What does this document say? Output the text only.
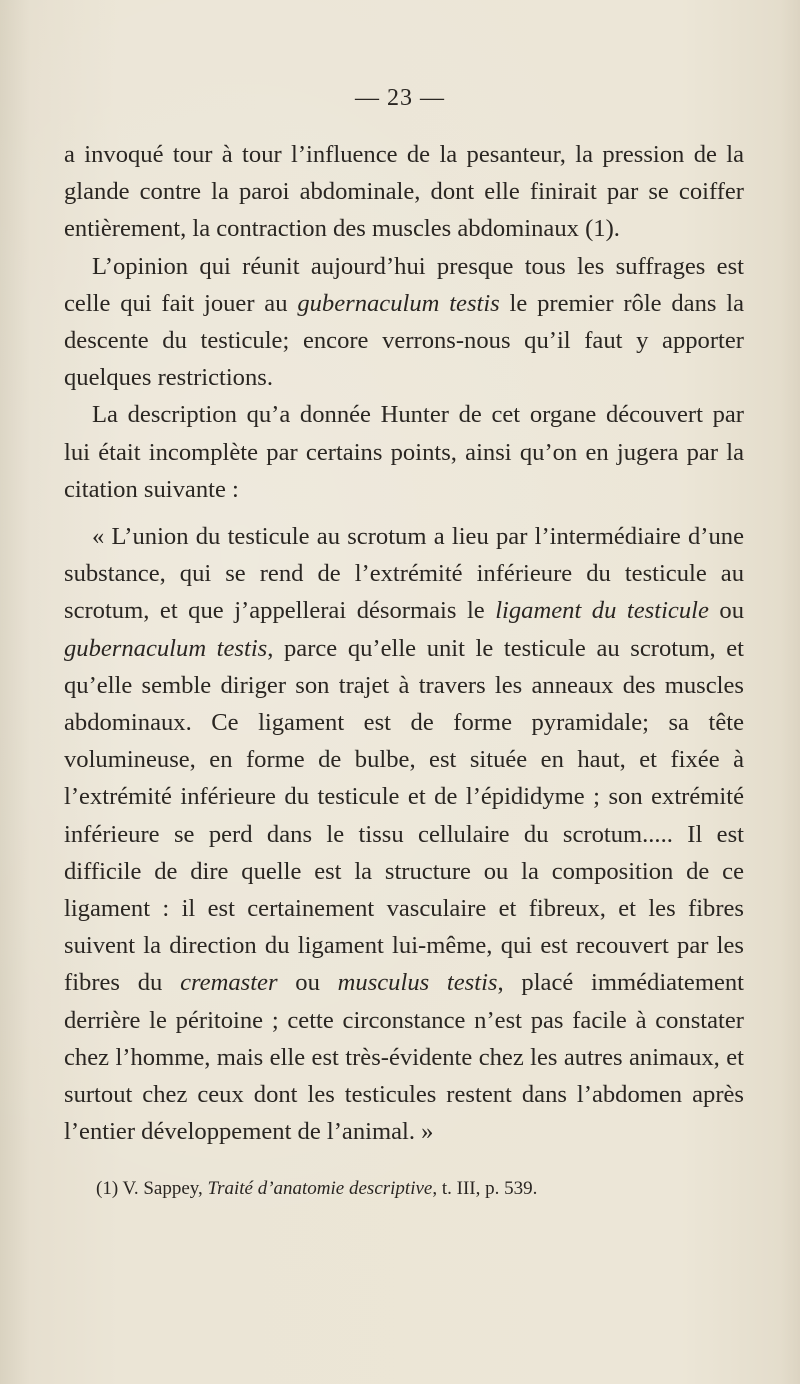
— 23 —

a invoqué tour à tour l’influence de la pesanteur, la pression de la glande contre la paroi abdominale, dont elle finirait par se coiffer entièrement, la contraction des muscles abdominaux (1).

L’opinion qui réunit aujourd’hui presque tous les suffrages est celle qui fait jouer au gubernaculum testis le premier rôle dans la descente du testicule; encore verrons-nous qu’il faut y apporter quelques restrictions.

La description qu’a donnée Hunter de cet organe découvert par lui était incomplète par certains points, ainsi qu’on en jugera par la citation suivante :

« L’union du testicule au scrotum a lieu par l’intermédiaire d’une substance, qui se rend de l’extrémité inférieure du testicule au scrotum, et que j’appellerai désormais le ligament du testicule ou gubernaculum testis, parce qu’elle unit le testicule au scrotum, et qu’elle semble diriger son trajet à travers les anneaux des muscles abdominaux. Ce ligament est de forme pyramidale; sa tête volumineuse, en forme de bulbe, est située en haut, et fixée à l’extrémité inférieure du testicule et de l’épididyme ; son extrémité inférieure se perd dans le tissu cellulaire du scrotum..... Il est difficile de dire quelle est la structure ou la composition de ce ligament : il est certainement vasculaire et fibreux, et les fibres suivent la direction du ligament lui-même, qui est recouvert par les fibres du cremaster ou musculus testis, placé immédiatement derrière le péritoine ; cette circonstance n’est pas facile à constater chez l’homme, mais elle est très-évidente chez les autres animaux, et surtout chez ceux dont les testicules restent dans l’abdomen après l’entier développement de l’animal. »

(1) V. Sappey, Traité d’anatomie descriptive, t. III, p. 539.
